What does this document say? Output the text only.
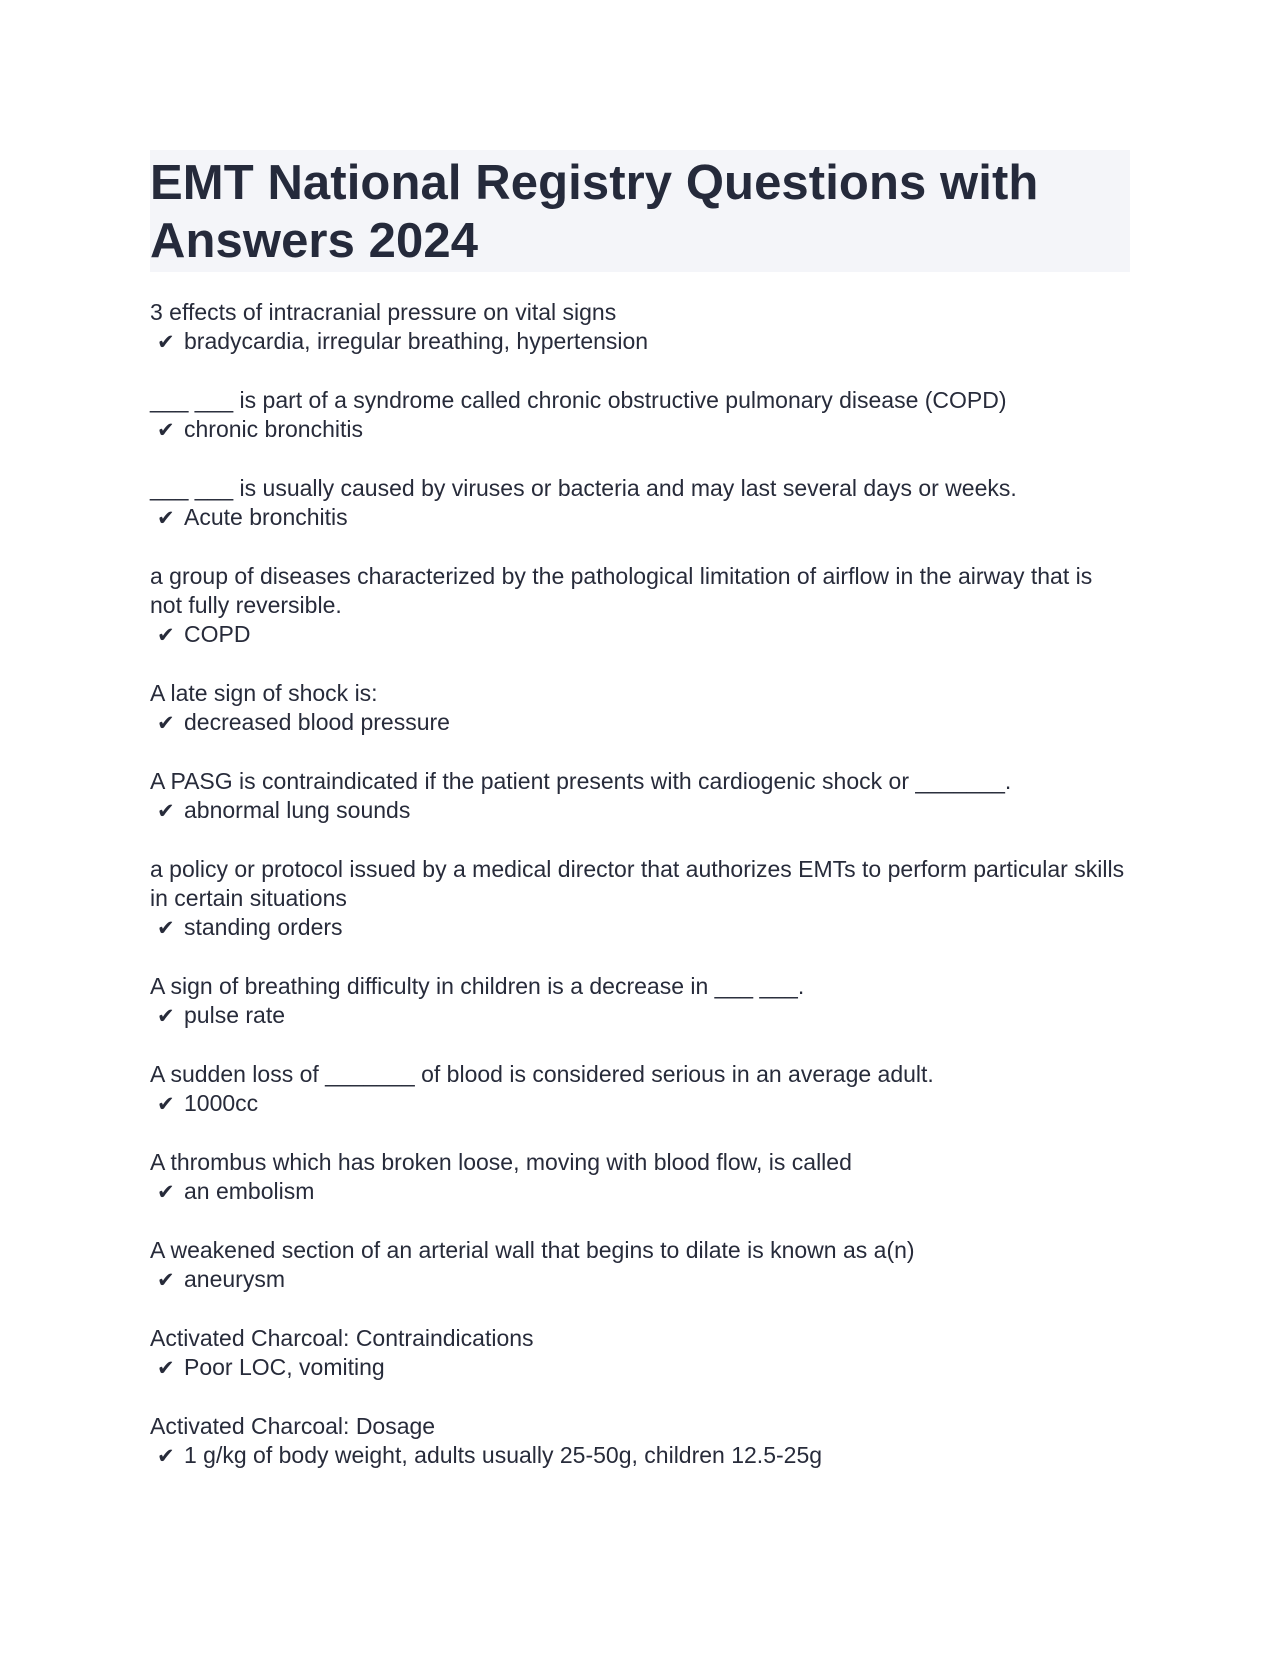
EMT National Registry Questions with Answers 2024
3 effects of intracranial pressure on vital signs
✔ bradycardia, irregular breathing, hypertension
___ ___ is part of a syndrome called chronic obstructive pulmonary disease (COPD)
✔ chronic bronchitis
___ ___ is usually caused by viruses or bacteria and may last several days or weeks.
✔ Acute bronchitis
a group of diseases characterized by the pathological limitation of airflow in the airway that is not fully reversible.
✔ COPD
A late sign of shock is:
✔ decreased blood pressure
A PASG is contraindicated if the patient presents with cardiogenic shock or _______.
✔ abnormal lung sounds
a policy or protocol issued by a medical director that authorizes EMTs to perform particular skills in certain situations
✔ standing orders
A sign of breathing difficulty in children is a decrease in ___ ___.
✔ pulse rate
A sudden loss of _______ of blood is considered serious in an average adult.
✔ 1000cc
A thrombus which has broken loose, moving with blood flow, is called
✔ an embolism
A weakened section of an arterial wall that begins to dilate is known as a(n)
✔ aneurysm
Activated Charcoal: Contraindications
✔ Poor LOC, vomiting
Activated Charcoal: Dosage
✔ 1 g/kg of body weight, adults usually 25-50g, children 12.5-25g
